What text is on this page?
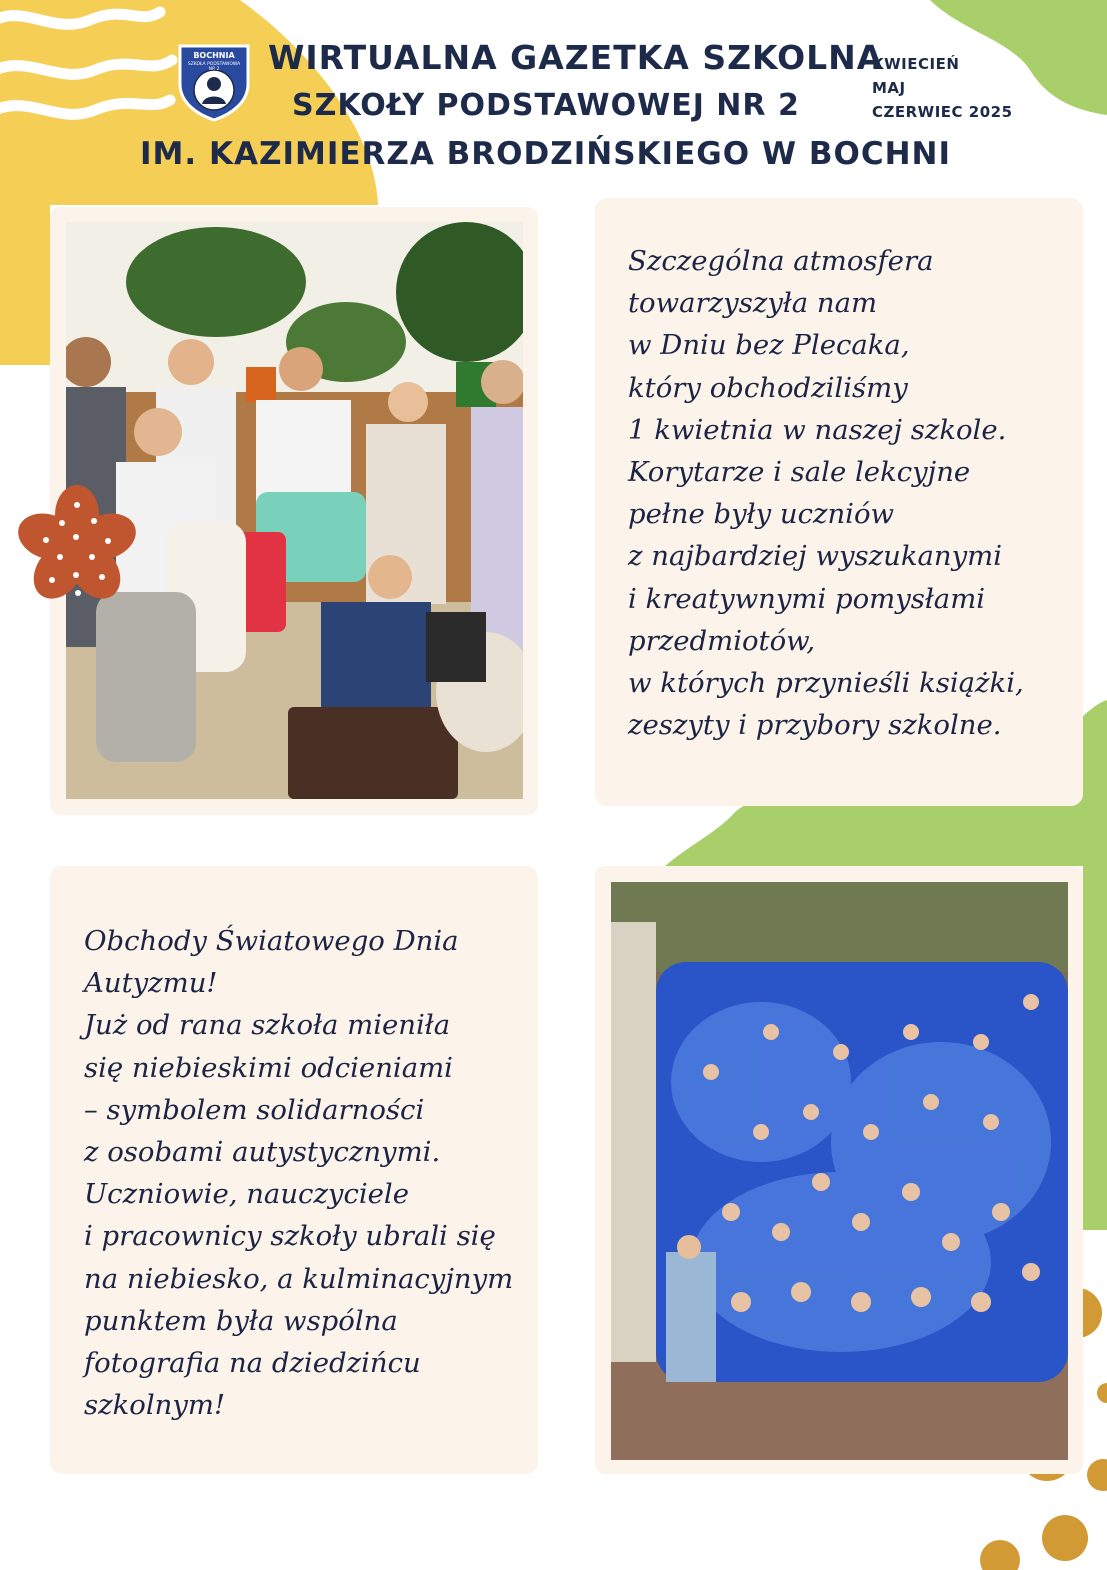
BOCHNIA
SZKOŁA PODSTAWOWA
NR 2 WIRTUALNA GAZETKA SZKOLNA
SZKOŁY PODSTAWOWEJ NR 2
IM. KAZIMIERZA BRODZIŃSKIEGO W BOCHNI
KWIECIEŃ
MAJ
CZERWIEC 2025
Szczególna atmosfera
towarzyszyła nam
w Dniu bez Plecaka,
który obchodziliśmy
1 kwietnia w naszej szkole.
Korytarze i sale lekcyjne
pełne były uczniów
z najbardziej wyszukanymi
i kreatywnymi pomysłami
przedmiotów,
w których przynieśli książki,
zeszyty i przybory szkolne.
Obchody Światowego Dnia
Autyzmu!
Już od rana szkoła mieniła
się niebieskimi odcieniami
– symbolem solidarności
z osobami autystycznymi.
Uczniowie, nauczyciele
i pracownicy szkoły ubrali się
na niebiesko, a kulminacyjnym
punktem była wspólna
fotografia na dziedzińcu
szkolnym!
